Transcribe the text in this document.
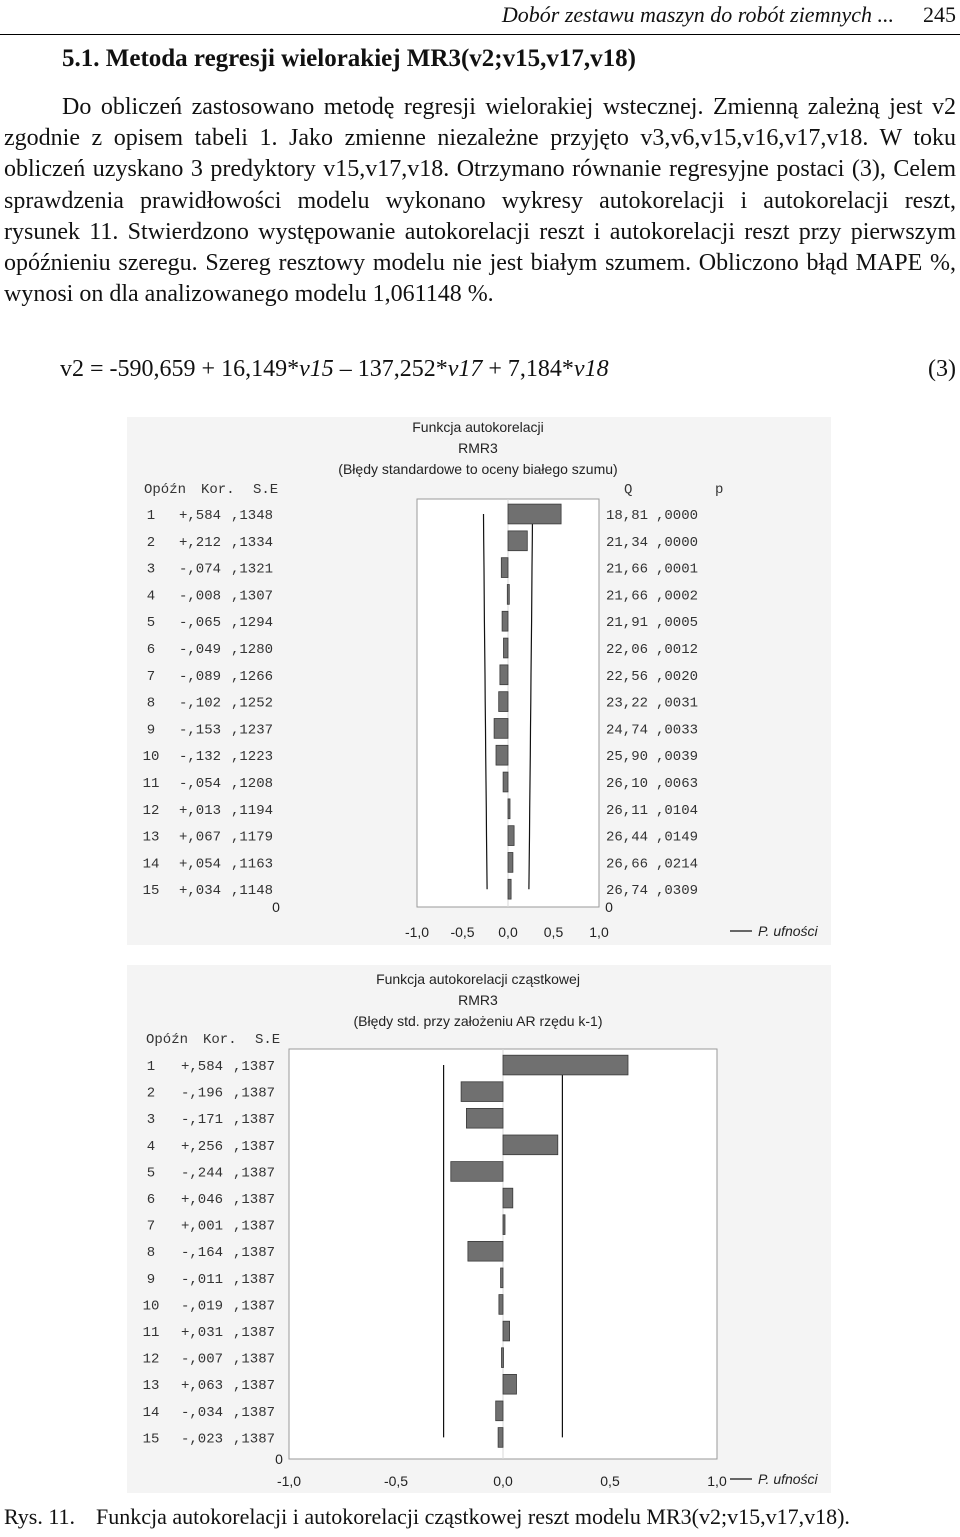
Dobór zestawu maszyn do robót ziemnych ... 245
5.1. Metoda regresji wielorakiej MR3(v2;v15,v17,v18)

Do obliczeń zastosowano metodę regresji wielorakiej wstecznej. Zmienną zależną jest v2 zgodnie z opisem tabeli 1. Jako zmienne niezależne przyjęto v3,v6,v15,v16,v17,v18. W toku obliczeń uzyskano 3 predyktory v15,v17,v18. Otrzymano równanie regresyjne postaci (3), Celem sprawdzenia prawidłowości modelu wykonano wykresy autokorelacji i autokorelacji reszt, rysunek 11. Stwierdzono występowanie autokorelacji reszt i autokorelacji reszt przy pierwszym opóźnieniu szeregu. Szereg resztowy modelu nie jest białym szumem. Obliczono błąd MAPE %, wynosi on dla analizowanego modelu 1,061148 %.

v2 = -590,659 + 16,149*v15 – 137,252*v17 + 7,184*v18	(3)
Funkcja autokorelacji
RMR3
(Błędy standardowe to oceny białego szumu)
Opóźn Kor. S.E	Q	p
1 +,584 ,1348	18,81 ,0000
2 +,212 ,1334	21,34 ,0000
3 -,074 ,1321	21,66 ,0001
4 -,008 ,1307	21,66 ,0002
5 -,065 ,1294	21,91 ,0005
6 -,049 ,1280	22,06 ,0012
7 -,089 ,1266	22,56 ,0020
8 -,102 ,1252	23,22 ,0031
9 -,153 ,1237	24,74 ,0033
10 -,132 ,1223	25,90 ,0039
11 -,054 ,1208	26,10 ,0063
12 +,013 ,1194	26,11 ,0104
13 +,067 ,1179	26,44 ,0149
14 +,054 ,1163	26,66 ,0214
15 +,034 ,1148	26,74 ,0309
0	0
-1,0 -0,5 0,0 0,5 1,0	P. ufności
Funkcja autokorelacji cząstkowej
RMR3
(Błędy std. przy założeniu AR rzędu k-1)
Opóźn Kor. S.E
1 +,584 ,1387
2 -,196 ,1387
3 -,171 ,1387
4 +,256 ,1387
5 -,244 ,1387
6 +,046 ,1387
7 +,001 ,1387
8 -,164 ,1387
9 -,011 ,1387
10 -,019 ,1387
11 +,031 ,1387
12 -,007 ,1387
13 +,063 ,1387
14 -,034 ,1387
15 -,023 ,1387
0
-1,0	-0,5	0,0	0,5	1,0 P. ufności
Rys. 11. Funkcja autokorelacji i autokorelacji cząstkowej reszt modelu MR3(v2;v15,v17,v18).
